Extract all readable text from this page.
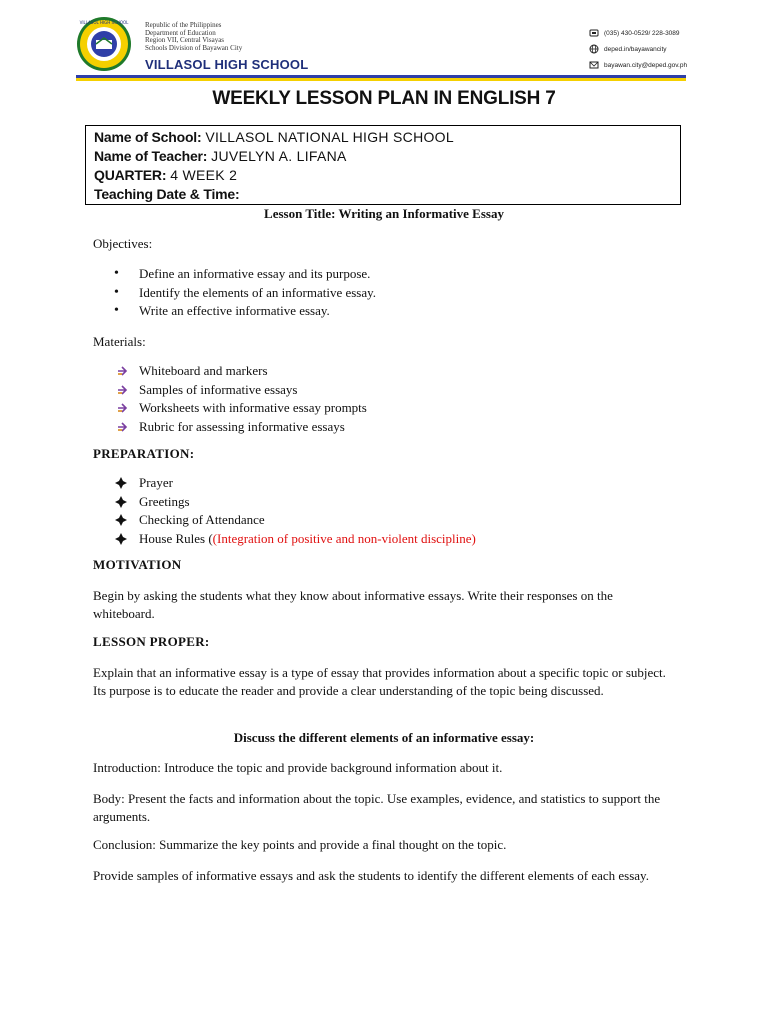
VILLASOL HIGH SCHOOL Republic of the Philippines
Department of Education
Region VII, Central Visayas
Schools Division of Bayawan City
VILLASOL HIGH SCHOOL
(035) 430-0529/ 228-3089
deped.in/bayawancity
bayawan.city@deped.gov.ph
WEEKLY LESSON PLAN IN ENGLISH 7
Name of School: VILLASOL NATIONAL HIGH SCHOOL
Name of Teacher: JUVELYN A. LIFANA
QUARTER: 4 WEEK 2
Teaching Date & Time:
Lesson Title: Writing an Informative Essay
Objectives:
• Define an informative essay and its purpose.
• Identify the elements of an informative essay.
• Write an effective informative essay.
Materials:
Whiteboard and markers
Samples of informative essays
Worksheets with informative essay prompts
Rubric for assessing informative essays
PREPARATION:
Prayer
Greetings
Checking of Attendance
House Rules ((Integration of positive and non-violent discipline)
MOTIVATION
Begin by asking the students what they know about informative essays. Write their responses on the whiteboard.
LESSON PROPER:
Explain that an informative essay is a type of essay that provides information about a specific topic or subject. Its purpose is to educate the reader and provide a clear understanding of the topic being discussed.
Discuss the different elements of an informative essay:
Introduction: Introduce the topic and provide background information about it.
Body: Present the facts and information about the topic. Use examples, evidence, and statistics to support the arguments.
Conclusion: Summarize the key points and provide a final thought on the topic.
Provide samples of informative essays and ask the students to identify the different elements of each essay.
